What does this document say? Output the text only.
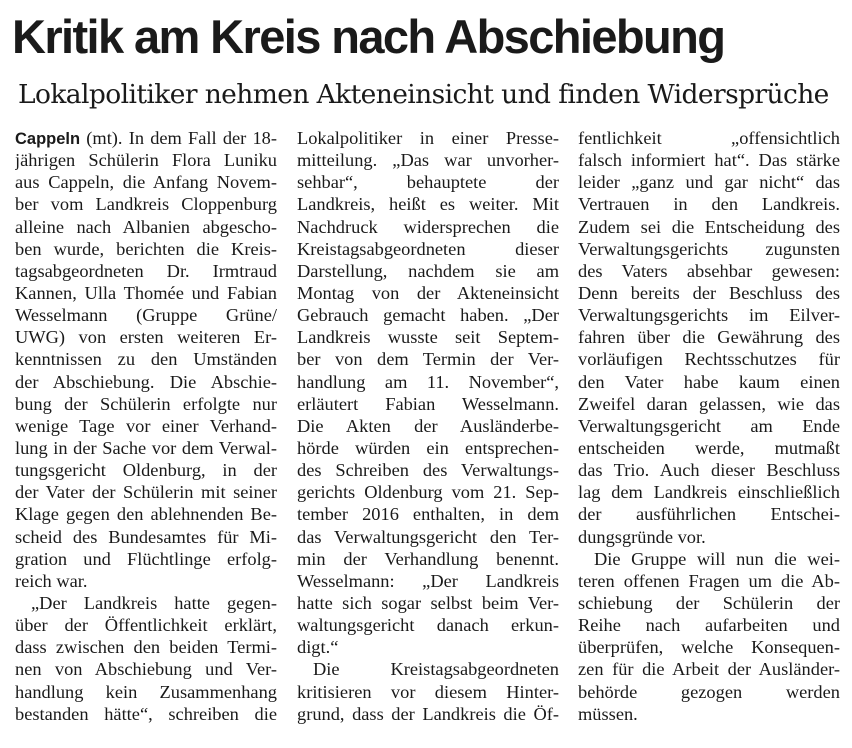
Kritik am Kreis nach Abschiebung
Lokalpolitiker nehmen Akteneinsicht und finden Widersprüche
Cappeln (mt). In dem Fall der 18-
jährigen Schülerin Flora Luniku
aus Cappeln, die Anfang Novem-
ber vom Landkreis Cloppenburg
alleine nach Albanien abgescho-
ben wurde, berichten die Kreis-
tagsabgeordneten Dr. Irmtraud
Kannen, Ulla Thomée und Fabian
Wesselmann (Gruppe Grüne/
UWG) von ersten weiteren Er-
kenntnissen zu den Umständen
der Abschiebung. Die Abschie-
bung der Schülerin erfolgte nur
wenige Tage vor einer Verhand-
lung in der Sache vor dem Verwal-
tungsgericht Oldenburg, in der
der Vater der Schülerin mit seiner
Klage gegen den ablehnenden Be-
scheid des Bundesamtes für Mi-
gration und Flüchtlinge erfolg-
reich war.
„Der Landkreis hatte gegen-
über der Öffentlichkeit erklärt,
dass zwischen den beiden Termi-
nen von Abschiebung und Ver-
handlung kein Zusammenhang
bestanden hätte“, schreiben die
Lokalpolitiker in einer Presse-
mitteilung. „Das war unvorher-
sehbar“, behauptete der
Landkreis, heißt es weiter. Mit
Nachdruck widersprechen die
Kreistagsabgeordneten dieser
Darstellung, nachdem sie am
Montag von der Akteneinsicht
Gebrauch gemacht haben. „Der
Landkreis wusste seit Septem-
ber von dem Termin der Ver-
handlung am 11. November“,
erläutert Fabian Wesselmann.
Die Akten der Ausländerbe-
hörde würden ein entsprechen-
des Schreiben des Verwaltungs-
gerichts Oldenburg vom 21. Sep-
tember 2016 enthalten, in dem
das Verwaltungsgericht den Ter-
min der Verhandlung benennt.
Wesselmann: „Der Landkreis
hatte sich sogar selbst beim Ver-
waltungsgericht danach erkun-
digt.“
Die Kreistagsabgeordneten
kritisieren vor diesem Hinter-
grund, dass der Landkreis die Öf-
fentlichkeit „offensichtlich
falsch informiert hat“. Das stärke
leider „ganz und gar nicht“ das
Vertrauen in den Landkreis.
Zudem sei die Entscheidung des
Verwaltungsgerichts zugunsten
des Vaters absehbar gewesen:
Denn bereits der Beschluss des
Verwaltungsgerichts im Eilver-
fahren über die Gewährung des
vorläufigen Rechtsschutzes für
den Vater habe kaum einen
Zweifel daran gelassen, wie das
Verwaltungsgericht am Ende
entscheiden werde, mutmaßt
das Trio. Auch dieser Beschluss
lag dem Landkreis einschließlich
der ausführlichen Entschei-
dungsgründe vor.
Die Gruppe will nun die wei-
teren offenen Fragen um die Ab-
schiebung der Schülerin der
Reihe nach aufarbeiten und
überprüfen, welche Konsequen-
zen für die Arbeit der Ausländer-
behörde gezogen werden
müssen.
